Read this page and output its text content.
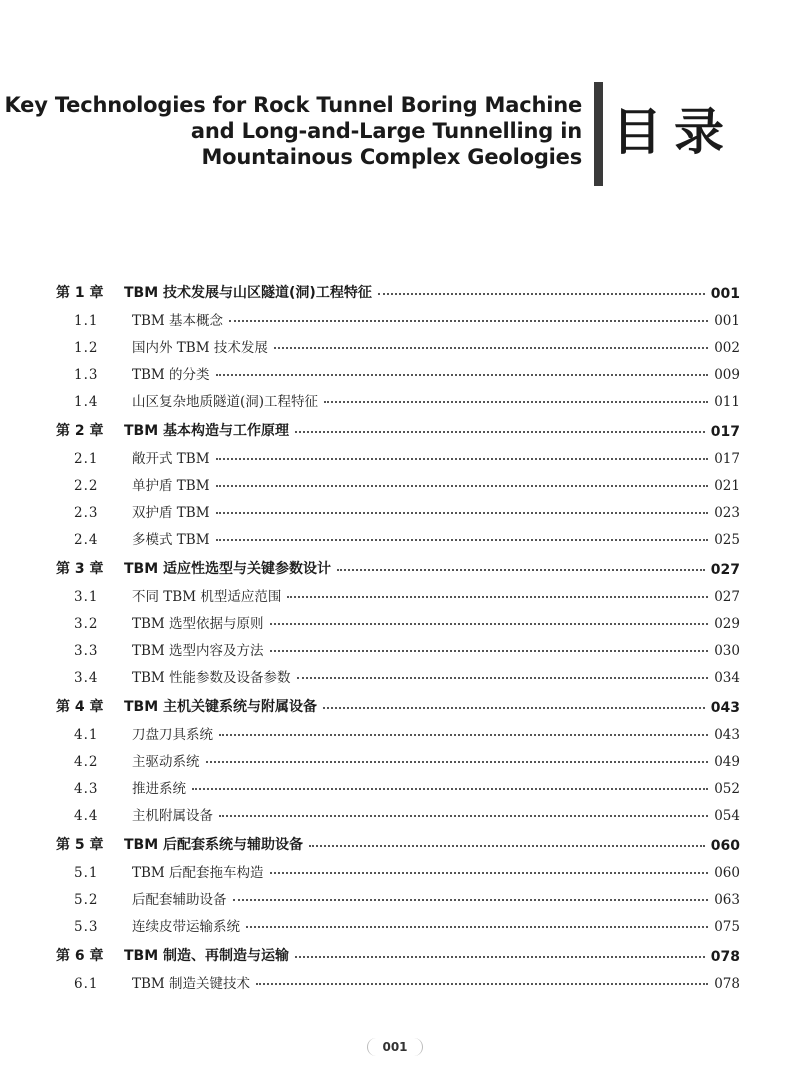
Key Technologies for Rock Tunnel Boring Machine
and Long-and-Large Tunnelling in
Mountainous Complex Geologies 目录
第 1 章	TBM 技术发展与山区隧道(洞)工程特征	001
1.1	TBM 基本概念	001
1.2	国内外 TBM 技术发展	002
1.3	TBM 的分类	009
1.4	山区复杂地质隧道(洞)工程特征	011
第 2 章	TBM 基本构造与工作原理	017
2.1	敞开式 TBM	017
2.2	单护盾 TBM	021
2.3	双护盾 TBM	023
2.4	多模式 TBM	025
第 3 章	TBM 适应性选型与关键参数设计	027
3.1	不同 TBM 机型适应范围	027
3.2	TBM 选型依据与原则	029
3.3	TBM 选型内容及方法	030
3.4	TBM 性能参数及设备参数	034
第 4 章	TBM 主机关键系统与附属设备	043
4.1	刀盘刀具系统	043
4.2	主驱动系统	049
4.3	推进系统	052
4.4	主机附属设备	054
第 5 章	TBM 后配套系统与辅助设备	060
5.1	TBM 后配套拖车构造	060
5.2	后配套辅助设备	063
5.3	连续皮带运输系统	075
第 6 章	TBM 制造、再制造与运输	078
6.1	TBM 制造关键技术	078
001
